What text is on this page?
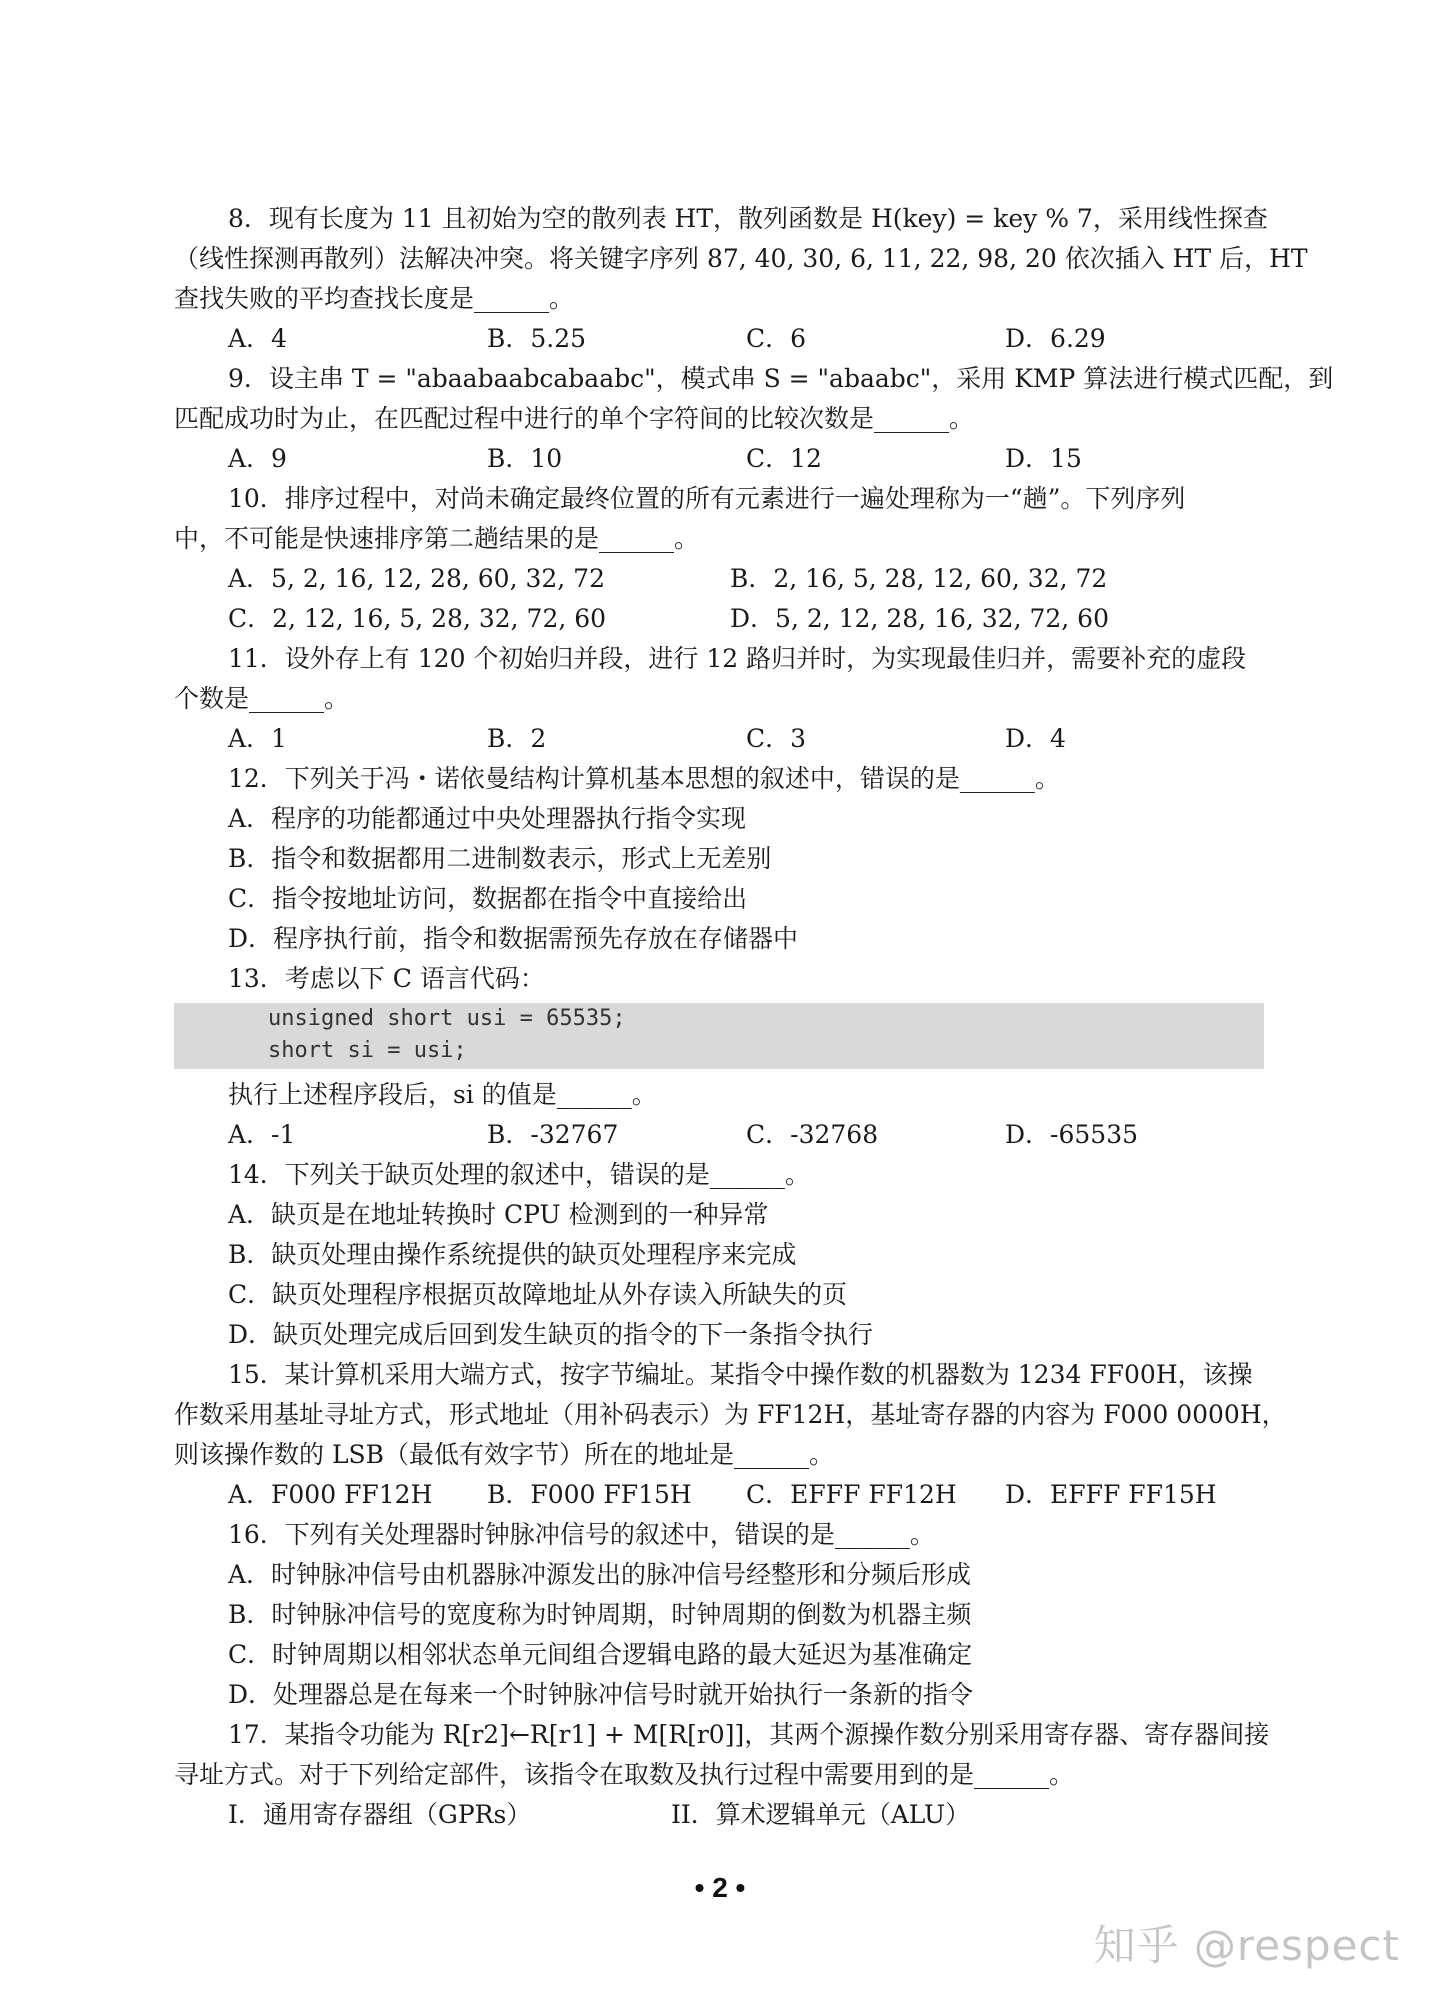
8．现有长度为 11 且初始为空的散列表 HT，散列函数是 H(key) = key % 7，采用线性探查

（线性探测再散列）法解决冲突。将关键字序列 87, 40, 30, 6, 11, 22, 98, 20 依次插入 HT 后，HT

查找失败的平均查找长度是______。

A．4	B．5.25	C．6	D．6.29

9．设主串 T = "abaabaabcabaabc"，模式串 S = "abaabc"，采用 KMP 算法进行模式匹配，到

匹配成功时为止，在匹配过程中进行的单个字符间的比较次数是______。

A．9	B．10	C．12	D．15

10．排序过程中，对尚未确定最终位置的所有元素进行一遍处理称为一“趟”。下列序列

中，不可能是快速排序第二趟结果的是______。

A．5, 2, 16, 12, 28, 60, 32, 72	B．2, 16, 5, 28, 12, 60, 32, 72
C．2, 12, 16, 5, 28, 32, 72, 60	D．5, 2, 12, 28, 16, 32, 72, 60

11．设外存上有 120 个初始归并段，进行 12 路归并时，为实现最佳归并，需要补充的虚段

个数是______。

A．1	B．2	C．3	D．4

12．下列关于冯・诺依曼结构计算机基本思想的叙述中，错误的是______。

A．程序的功能都通过中央处理器执行指令实现

B．指令和数据都用二进制数表示，形式上无差别

C．指令按地址访问，数据都在指令中直接给出

D．程序执行前，指令和数据需预先存放在存储器中

13．考虑以下 C 语言代码：

unsigned short usi = 65535;
short si = usi;

执行上述程序段后，si 的值是______。

A．-1	B．-32767	C．-32768	D．-65535

14．下列关于缺页处理的叙述中，错误的是______。

A．缺页是在地址转换时 CPU 检测到的一种异常

B．缺页处理由操作系统提供的缺页处理程序来完成

C．缺页处理程序根据页故障地址从外存读入所缺失的页

D．缺页处理完成后回到发生缺页的指令的下一条指令执行

15．某计算机采用大端方式，按字节编址。某指令中操作数的机器数为 1234 FF00H，该操

作数采用基址寻址方式，形式地址（用补码表示）为 FF12H，基址寄存器的内容为 F000 0000H，

则该操作数的 LSB（最低有效字节）所在的地址是______。

A．F000 FF12H	B．F000 FF15H	C．EFFF FF12H	D．EFFF FF15H

16．下列有关处理器时钟脉冲信号的叙述中，错误的是______。

A．时钟脉冲信号由机器脉冲源发出的脉冲信号经整形和分频后形成

B．时钟脉冲信号的宽度称为时钟周期，时钟周期的倒数为机器主频

C．时钟周期以相邻状态单元间组合逻辑电路的最大延迟为基准确定

D．处理器总是在每来一个时钟脉冲信号时就开始执行一条新的指令

17．某指令功能为 R[r2]←R[r1] + M[R[r0]]，其两个源操作数分别采用寄存器、寄存器间接

寻址方式。对于下列给定部件，该指令在取数及执行过程中需要用到的是______。

I．通用寄存器组（GPRs）	II．算术逻辑单元（ALU）
• 2 •
知乎 @respect
